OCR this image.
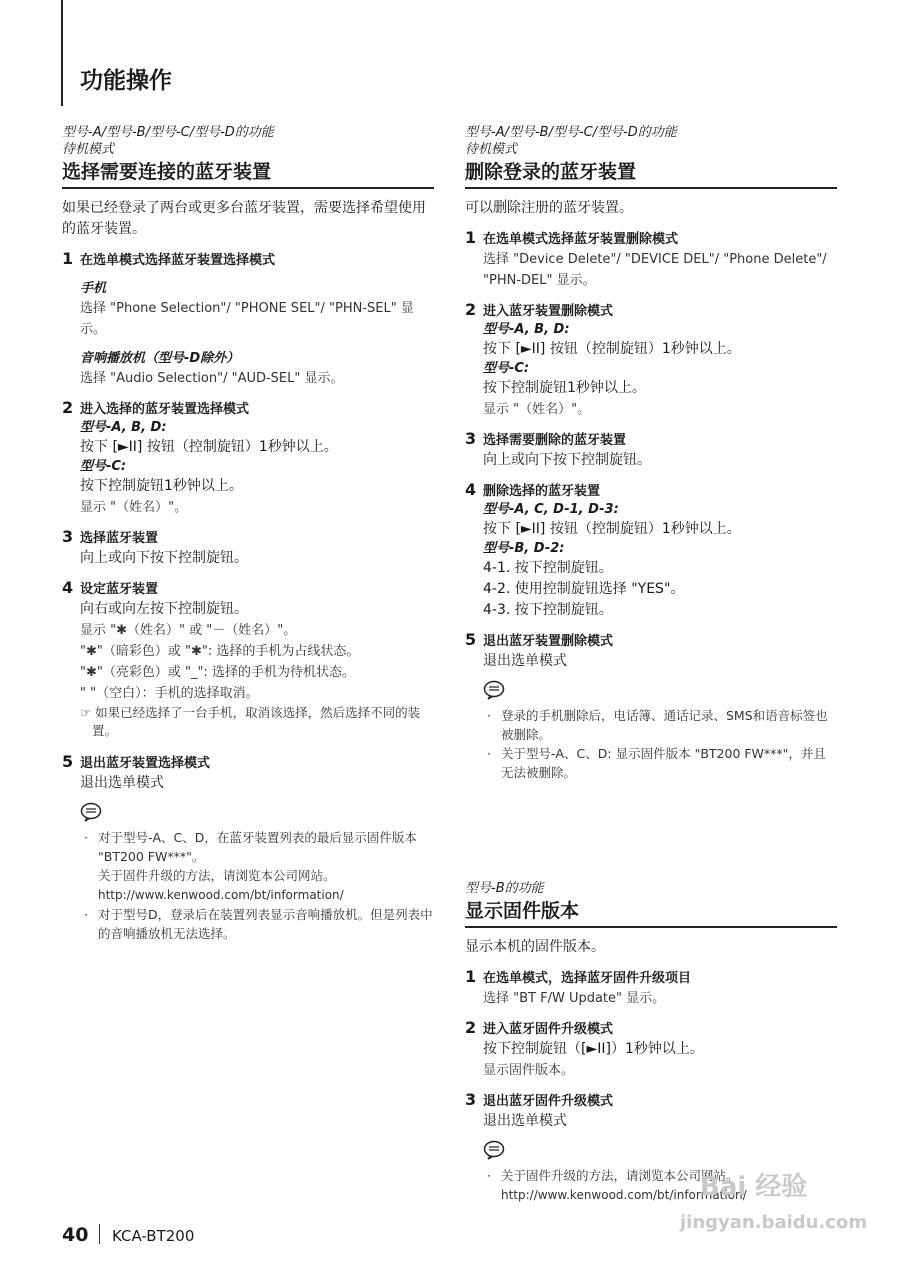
功能操作
型号-A/型号-B/型号-C/型号-D的功能
待机模式
选择需要连接的蓝牙装置
如果已经登录了两台或更多台蓝牙装置，需要选择希望使用的蓝牙装置。
1 在选单模式选择蓝牙装置选择模式
手机
选择 "Phone Selection"/ "PHONE SEL"/ "PHN-SEL" 显示。
音响播放机（型号-D除外）
选择 "Audio Selection"/ "AUD-SEL" 显示。
2 进入选择的蓝牙装置选择模式
型号-A, B, D:
按下 [►II] 按钮（控制旋钮）1秒钟以上。
型号-C:
按下控制旋钮1秒钟以上。
显示 "（姓名）"。
3 选择蓝牙装置
向上或向下按下控制旋钮。
4 设定蓝牙装置
向右或向左按下控制旋钮。
显示 "✱（姓名）" 或 "－（姓名）"。
"✱"（暗彩色）或 "✱": 选择的手机为占线状态。
"✱"（亮彩色）或 "_": 选择的手机为待机状态。
" "（空白）：手机的选择取消。
☞ 如果已经选择了一台手机，取消该选择，然后选择不同的装置。
5 退出蓝牙装置选择模式
退出选单模式
· 对于型号-A、C、D，在蓝牙装置列表的最后显示固件版本 "BT200 FW***"。
关于固件升级的方法，请浏览本公司网站。
http://www.kenwood.com/bt/information/
· 对于型号D，登录后在装置列表显示音响播放机。但是列表中的音响播放机无法选择。
型号-A/型号-B/型号-C/型号-D的功能
待机模式
删除登录的蓝牙装置
可以删除注册的蓝牙装置。
1 在选单模式选择蓝牙装置删除模式
选择 "Device Delete"/ "DEVICE DEL"/ "Phone Delete"/ "PHN-DEL" 显示。
2 进入蓝牙装置删除模式
型号-A, B, D:
按下 [►II] 按钮（控制旋钮）1秒钟以上。
型号-C:
按下控制旋钮1秒钟以上。
显示 "（姓名）"。
3 选择需要删除的蓝牙装置
向上或向下按下控制旋钮。
4 删除选择的蓝牙装置
型号-A, C, D-1, D-3:
按下 [►II] 按钮（控制旋钮）1秒钟以上。
型号-B, D-2:
4-1. 按下控制旋钮。
4-2. 使用控制旋钮选择 "YES"。
4-3. 按下控制旋钮。
5 退出蓝牙装置删除模式
退出选单模式
· 登录的手机删除后，电话簿、通话记录、SMS和语音标签也被删除。
· 关于型号-A、C、D: 显示固件版本 "BT200 FW***"，并且无法被删除。
型号-B的功能
显示固件版本
显示本机的固件版本。
1 在选单模式，选择蓝牙固件升级项目
选择 "BT F/W Update" 显示。
2 进入蓝牙固件升级模式
按下控制旋钮（[►II]）1秒钟以上。
显示固件版本。
3 退出蓝牙固件升级模式
退出选单模式
· 关于固件升级的方法，请浏览本公司网站。
http://www.kenwood.com/bt/information/
40 KCA-BT200
Bai 经验
jingyan.baidu.com
